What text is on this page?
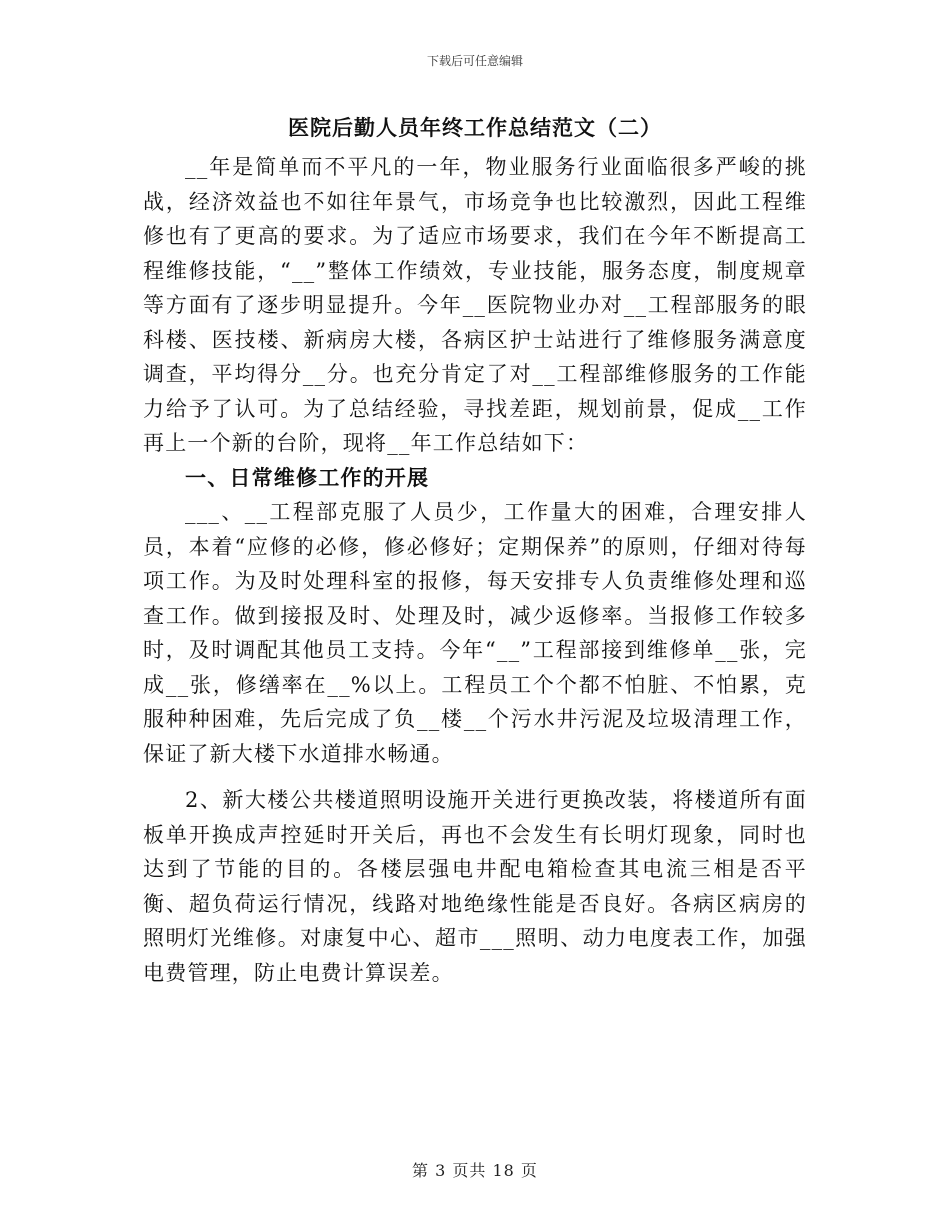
下载后可任意编辑
医院后勤人员年终工作总结范文（二）

__年是简单而不平凡的一年，物业服务行业面临很多严峻的挑战，经济效益也不如往年景气，市场竞争也比较激烈，因此工程维修也有了更高的要求。为了适应市场要求，我们在今年不断提高工程维修技能，“__”整体工作绩效，专业技能，服务态度，制度规章等方面有了逐步明显提升。今年__医院物业办对__工程部服务的眼科楼、医技楼、新病房大楼，各病区护士站进行了维修服务满意度调查，平均得分__分。也充分肯定了对__工程部维修服务的工作能力给予了认可。为了总结经验，寻找差距，规划前景，促成__工作再上一个新的台阶，现将__年工作总结如下：

一、日常维修工作的开展

___、__工程部克服了人员少，工作量大的困难，合理安排人员，本着“应修的必修，修必修好；定期保养”的原则，仔细对待每项工作。为及时处理科室的报修，每天安排专人负责维修处理和巡查工作。做到接报及时、处理及时，减少返修率。当报修工作较多时，及时调配其他员工支持。今年“__”工程部接到维修单__张，完成__张，修缮率在__%以上。工程员工个个都不怕脏、不怕累，克服种种困难，先后完成了负__楼__个污水井污泥及垃圾清理工作，保证了新大楼下水道排水畅通。

2、新大楼公共楼道照明设施开关进行更换改装，将楼道所有面板单开换成声控延时开关后，再也不会发生有长明灯现象，同时也达到了节能的目的。各楼层强电井配电箱检查其电流三相是否平衡、超负荷运行情况，线路对地绝缘性能是否良好。各病区病房的照明灯光维修。对康复中心、超市___照明、动力电度表工作，加强电费管理，防止电费计算误差。

第 3 页共 18 页
